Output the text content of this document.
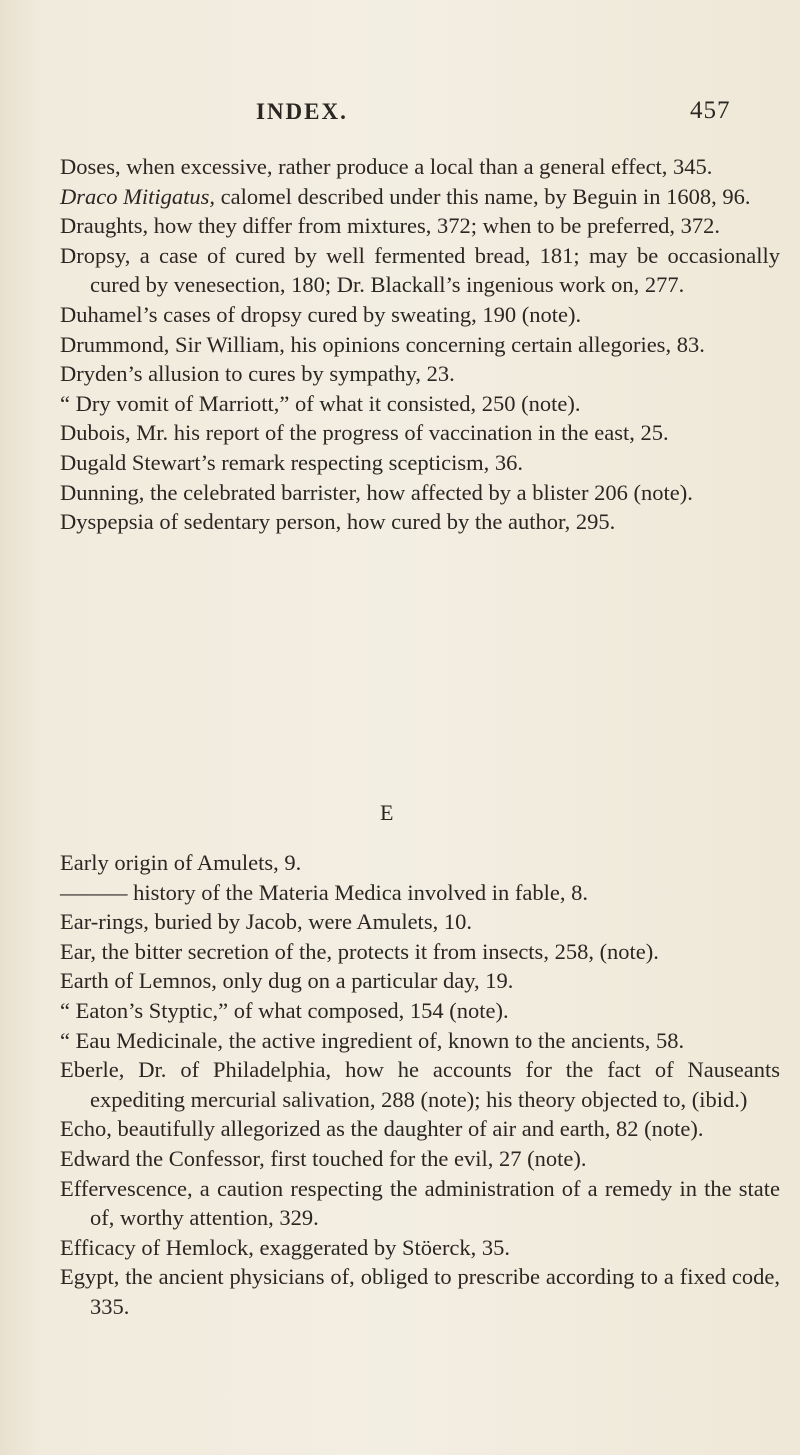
INDEX.	457
Doses, when excessive, rather produce a local than a general effect, 345.
Draco Mitigatus, calomel described under this name, by Beguin in 1608, 96.
Draughts, how they differ from mixtures, 372; when to be preferred, 372.
Dropsy, a case of cured by well fermented bread, 181; may be occasionally cured by venesection, 180; Dr. Blackall’s ingenious work on, 277.
Duhamel’s cases of dropsy cured by sweating, 190 (note).
Drummond, Sir William, his opinions concerning certain allegories, 83.
Dryden’s allusion to cures by sympathy, 23.
“ Dry vomit of Marriott,” of what it consisted, 250 (note).
Dubois, Mr. his report of the progress of vaccination in the east, 25.
Dugald Stewart’s remark respecting scepticism, 36.
Dunning, the celebrated barrister, how affected by a blister 206 (note).
Dyspepsia of sedentary person, how cured by the author, 295.
E
Early origin of Amulets, 9.
——— history of the Materia Medica involved in fable, 8.
Ear-rings, buried by Jacob, were Amulets, 10.
Ear, the bitter secretion of the, protects it from insects, 258, (note).
Earth of Lemnos, only dug on a particular day, 19.
“ Eaton’s Styptic,” of what composed, 154 (note).
“ Eau Medicinale, the active ingredient of, known to the ancients, 58.
Eberle, Dr. of Philadelphia, how he accounts for the fact of Nauseants expediting mercurial salivation, 288 (note); his theory objected to, (ibid.)
Echo, beautifully allegorized as the daughter of air and earth, 82 (note).
Edward the Confessor, first touched for the evil, 27 (note).
Effervescence, a caution respecting the administration of a remedy in the state of, worthy attention, 329.
Efficacy of Hemlock, exaggerated by Stöerck, 35.
Egypt, the ancient physicians of, obliged to prescribe according to a fixed code, 335.
